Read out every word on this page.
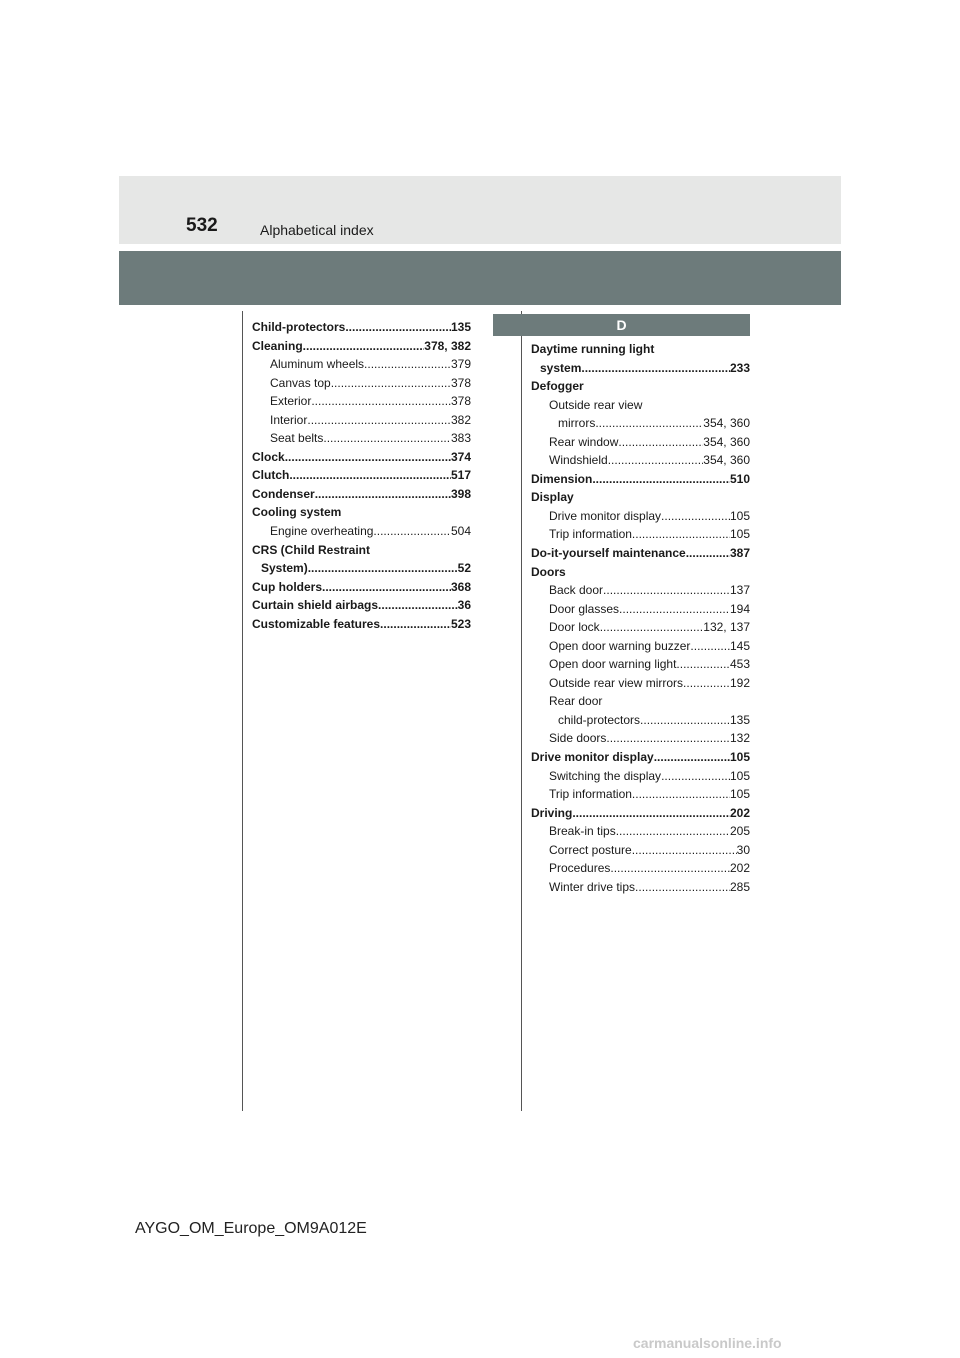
532	Alphabetical index
Child-protectors .....	135
Cleaning .....	378, 382
Aluminum wheels .....	379
Canvas top .....	378
Exterior .....	378
Interior .....	382
Seat belts .....	383
Clock .....	374
Clutch .....	517
Condenser .....	398
Cooling system
Engine overheating .....	504
CRS (Child Restraint
System) .....	52
Cup holders .....	368
Curtain shield airbags .....	36
Customizable features .....	523
D
Daytime running light
system .....	233
Defogger
Outside rear view
mirrors .....	354, 360
Rear window .....	354, 360
Windshield .....	354, 360
Dimension .....	510
Display
Drive monitor display .....	105
Trip information .....	105
Do-it-yourself maintenance .....	387
Doors
Back door .....	137
Door glasses .....	194
Door lock .....	132, 137
Open door warning buzzer .....	145
Open door warning light .....	453
Outside rear view mirrors .....	192
Rear door
child-protectors .....	135
Side doors .....	132
Drive monitor display .....	105
Switching the display .....	105
Trip information .....	105
Driving .....	202
Break-in tips .....	205
Correct posture .....	30
Procedures .....	202
Winter drive tips .....	285
AYGO_OM_Europe_OM9A012E
carmanualsonline.info
